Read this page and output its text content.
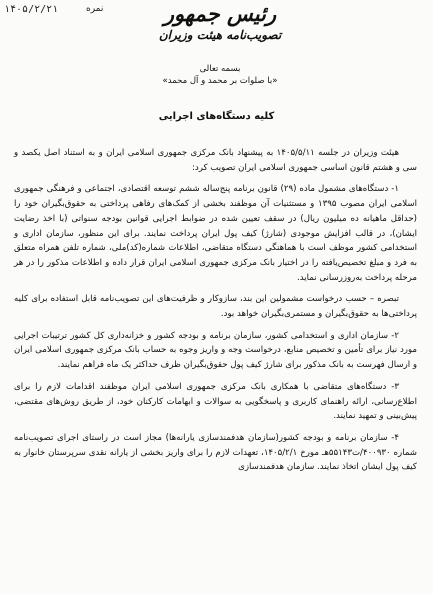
۱۴۰۵/۲/۲۱	نمره	رئیس جمهور
تصویب‌نامه هیئت وزیران
بسمه تعالی
«با صلوات بر محمد و آل محمد»
کلیه دستگاه‌های اجرایی

هیئت وزیران در جلسه ۱۴۰۵/۵/۱۱ به پیشنهاد بانک مرکزی جمهوری اسلامی ایران و به استناد اصل یکصد و سی و هشتم قانون اساسی جمهوری اسلامی ایران تصویب کرد:

۱- دستگاه‌های مشمول ماده (۲۹) قانون برنامه پنج‌ساله ششم توسعه اقتصادی، اجتماعی و فرهنگی جمهوری اسلامی ایران مصوب ۱۳۹۵ و مستثنیات آن موظفند بخشی از کمک‌های رفاهی پرداختی به حقوق‌بگیران خود را (حداقل ماهیانه ده میلیون ریال) در سقف تعیین شده در ضوابط اجرایی قوانین بودجه سنواتی (با اخذ رضایت ایشان)، در قالب افزایش موجودی (شارژ) کیف پول ایران پرداخت نمایند. برای این منظور، سازمان اداری و استخدامی کشور موظف است با هماهنگی دستگاه متقاضی، اطلاعات شماره(کد)ملی، شماره تلفن همراه متعلق به فرد و مبلغ تخصیص‌یافته را در اختیار بانک مرکزی جمهوری اسلامی ایران قرار داده و اطلاعات مذکور را در هر مرحله پرداخت به‌روزرسانی نماید.

تبصره – حسب درخواست مشمولین این بند، سازوکار و ظرفیت‌های این تصویب‌نامه قابل استفاده برای کلیه پرداختی‌ها به حقوق‌بگیران و مستمری‌بگیران خواهد بود.

۲- سازمان اداری و استخدامی کشور، سازمان برنامه و بودجه کشور و خزانه‌داری کل کشور ترتیبات اجرایی مورد نیاز برای تأمین و تخصیص منابع، درخواست وجه و واریز وجوه به حساب بانک مرکزی جمهوری اسلامی ایران و ارسال فهرست به بانک مذکور برای شارژ کیف پول حقوق‌بگیران ظرف حداکثر یک ماه فراهم نمایند.

۳- دستگاه‌های متقاضی با همکاری بانک مرکزی جمهوری اسلامی ایران موظفند اقدامات لازم را برای اطلاع‌رسانی، ارائه راهنمای کاربری و پاسخگویی به سوالات و ابهامات کارکنان خود، از طریق روش‌های مقتضی، پیش‌بینی و تمهید نمایند.

۴- سازمان برنامه و بودجه کشور(سازمان هدفمندسازی یارانه‌ها) مجاز است در راستای اجرای تصویب‌نامه شماره ۴۰۰۹۳۰/ت۵۵۱۴۳هـ مورخ ۱۴۰۵/۲/۱، تعهدات لازم را برای واریز بخشی از یارانه نقدی سرپرستان خانوار به کیف پول ایشان اتخاذ نمایند. سازمان هدفمندسازی
